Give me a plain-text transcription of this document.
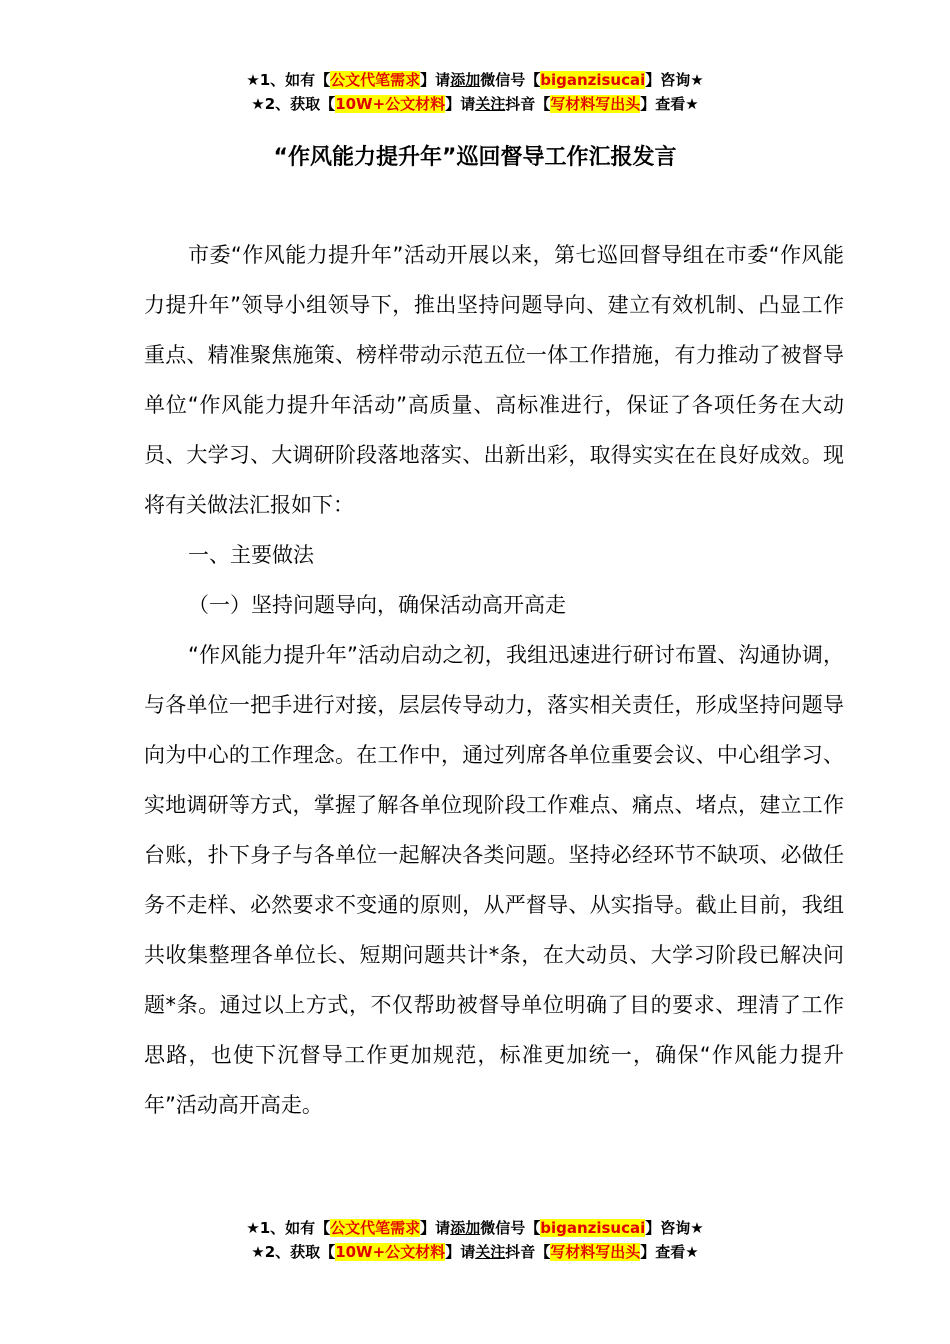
★1、如有【公文代笔需求】请添加微信号【biganzisucai】咨询★
★2、获取【10W+公文材料】请关注抖音【写材料写出头】查看★
“作风能力提升年”巡回督导工作汇报发言

市委“作风能力提升年”活动开展以来，第七巡回督导组在市委“作风能力提升年”领导小组领导下，推出坚持问题导向、建立有效机制、凸显工作重点、精准聚焦施策、榜样带动示范五位一体工作措施，有力推动了被督导单位“作风能力提升年活动”高质量、高标准进行，保证了各项任务在大动员、大学习、大调研阶段落地落实、出新出彩，取得实实在在良好成效。现将有关做法汇报如下：

一、主要做法

（一）坚持问题导向，确保活动高开高走

“作风能力提升年”活动启动之初，我组迅速进行研讨布置、沟通协调，与各单位一把手进行对接，层层传导动力，落实相关责任，形成坚持问题导向为中心的工作理念。在工作中，通过列席各单位重要会议、中心组学习、实地调研等方式，掌握了解各单位现阶段工作难点、痛点、堵点，建立工作台账，扑下身子与各单位一起解决各类问题。坚持必经环节不缺项、必做任务不走样、必然要求不变通的原则，从严督导、从实指导。截止目前，我组共收集整理各单位长、短期问题共计*条，在大动员、大学习阶段已解决问题*条。通过以上方式，不仅帮助被督导单位明确了目的要求、理清了工作思路，也使下沉督导工作更加规范，标准更加统一，确保“作风能力提升年”活动高开高走。

★1、如有【公文代笔需求】请添加微信号【biganzisucai】咨询★
★2、获取【10W+公文材料】请关注抖音【写材料写出头】查看★
